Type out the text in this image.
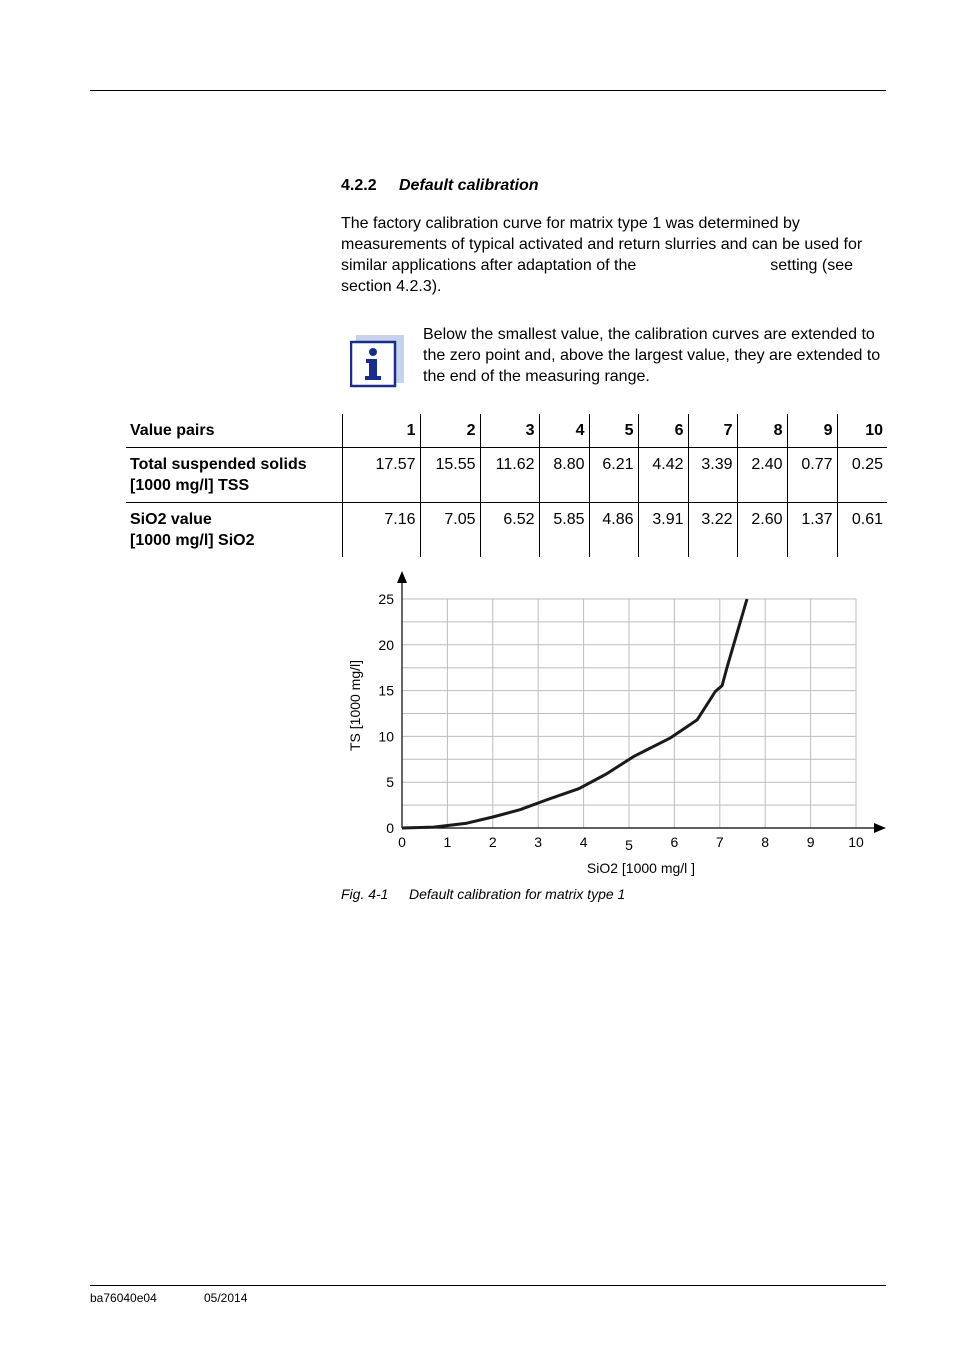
4.2.2 Default calibration

The factory calibration curve for matrix type 1 was determined by measurements of typical activated and return slurries and can be used for similar applications after adaptation of the	setting (see section 4.2.3).

Below the smallest value, the calibration curves are extended to the zero point and, above the largest value, they are extended to the end of the measuring range.

Value pairs	1	2	3	4	5	6	7	8	9	10
Total suspended solids
[1000 mg/l] TSS	17.57	15.55	11.62	8.80	6.21	4.42	3.39	2.40	0.77	0.25
SiO2 value
[1000 mg/l] SiO2	7.16	7.05	6.52	5.85	4.86	3.91	3.22	2.60	1.37	0.61
0	1	2	3	4	5	6	7	8	9 10
0
5
10
15
20
25
SiO2 [1000 mg/l ]
TS [1000 mg/l]
Fig. 4-1 Default calibration for matrix type 1
ba76040e04	05/2014
